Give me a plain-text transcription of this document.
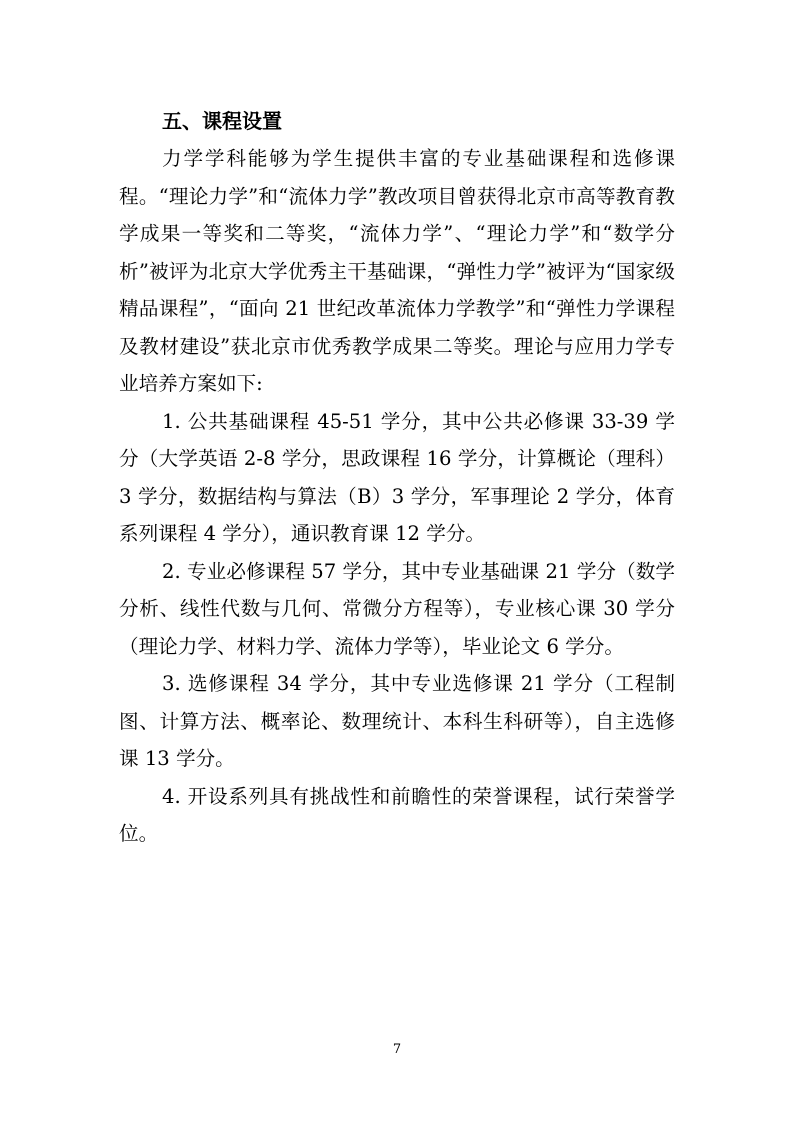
五、课程设置

力学学科能够为学生提供丰富的专业基础课程和选修课程。“理论力学”和“流体力学”教改项目曾获得北京市高等教育教学成果一等奖和二等奖，“流体力学”、“理论力学”和“数学分析”被评为北京大学优秀主干基础课，“弹性力学”被评为“国家级精品课程”，“面向 21 世纪改革流体力学教学”和“弹性力学课程及教材建设”获北京市优秀教学成果二等奖。理论与应用力学专业培养方案如下:

1. 公共基础课程 45-51 学分，其中公共必修课 33-39 学分（大学英语 2-8 学分，思政课程 16 学分，计算概论（理科）3 学分，数据结构与算法（B）3 学分，军事理论 2 学分，体育系列课程 4 学分），通识教育课 12 学分。

2. 专业必修课程 57 学分，其中专业基础课 21 学分（数学分析、线性代数与几何、常微分方程等），专业核心课 30 学分（理论力学、材料力学、流体力学等），毕业论文 6 学分。

3. 选修课程 34 学分，其中专业选修课 21 学分（工程制图、计算方法、概率论、数理统计、本科生科研等），自主选修课 13 学分。

4. 开设系列具有挑战性和前瞻性的荣誉课程，试行荣誉学位。

7
